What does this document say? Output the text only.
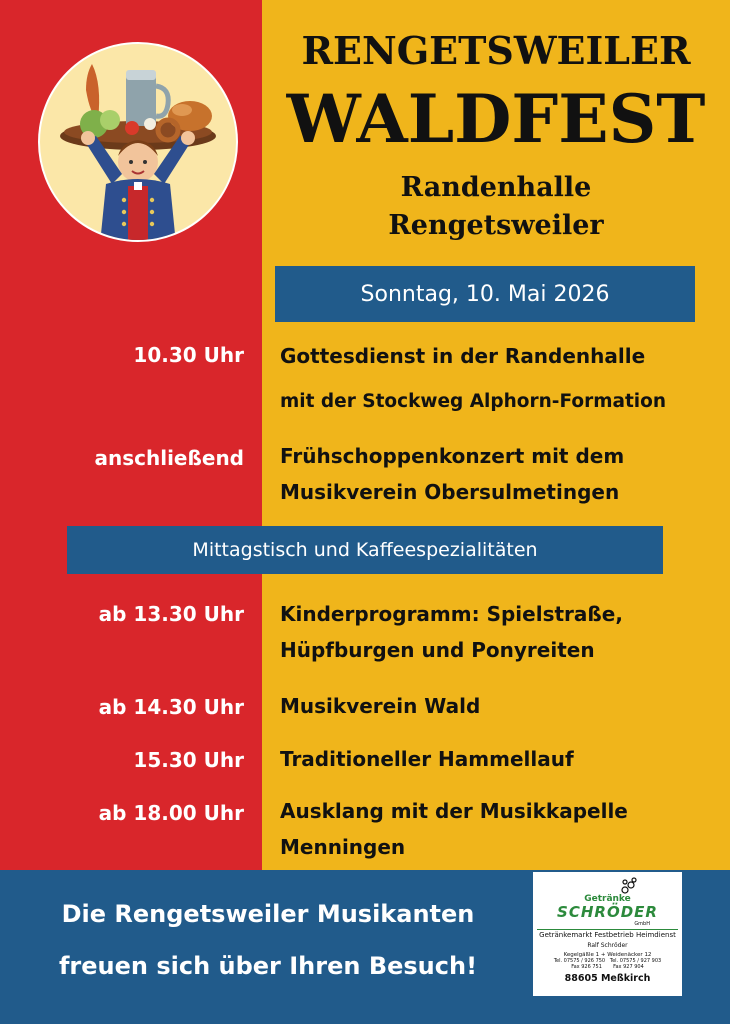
RENGETSWEILER
WALDFEST
Randenhalle
Rengetsweiler
Sonntag, 10. Mai 2026
10.30 Uhr Gottesdienst in der Randenhalle
mit der Stockweg Alphorn-Formation
anschließend Frühschoppenkonzert mit dem
Musikverein Obersulmetingen
Mittagstisch und Kaffeespezialitäten
ab 13.30 Uhr Kinderprogramm: Spielstraße,
Hüpfburgen und Ponyreiten
ab 14.30 Uhr Musikverein Wald
15.30 Uhr Traditioneller Hammellauf
ab 18.00 Uhr Ausklang mit der Musikkapelle
Menningen
Die Rengetsweiler Musikanten
freuen sich über Ihren Besuch!
Getränke
SCHRÖDER
GmbH
Getränkemarkt Festbetrieb Heimdienst
Ralf Schröder
Kegelgäßle 1 + Weidenäcker 12
Tel. 07575 / 926 750 Tel. 07575 / 927 903
Fax 926 751 Fax 927 904
88605 Meßkirch
